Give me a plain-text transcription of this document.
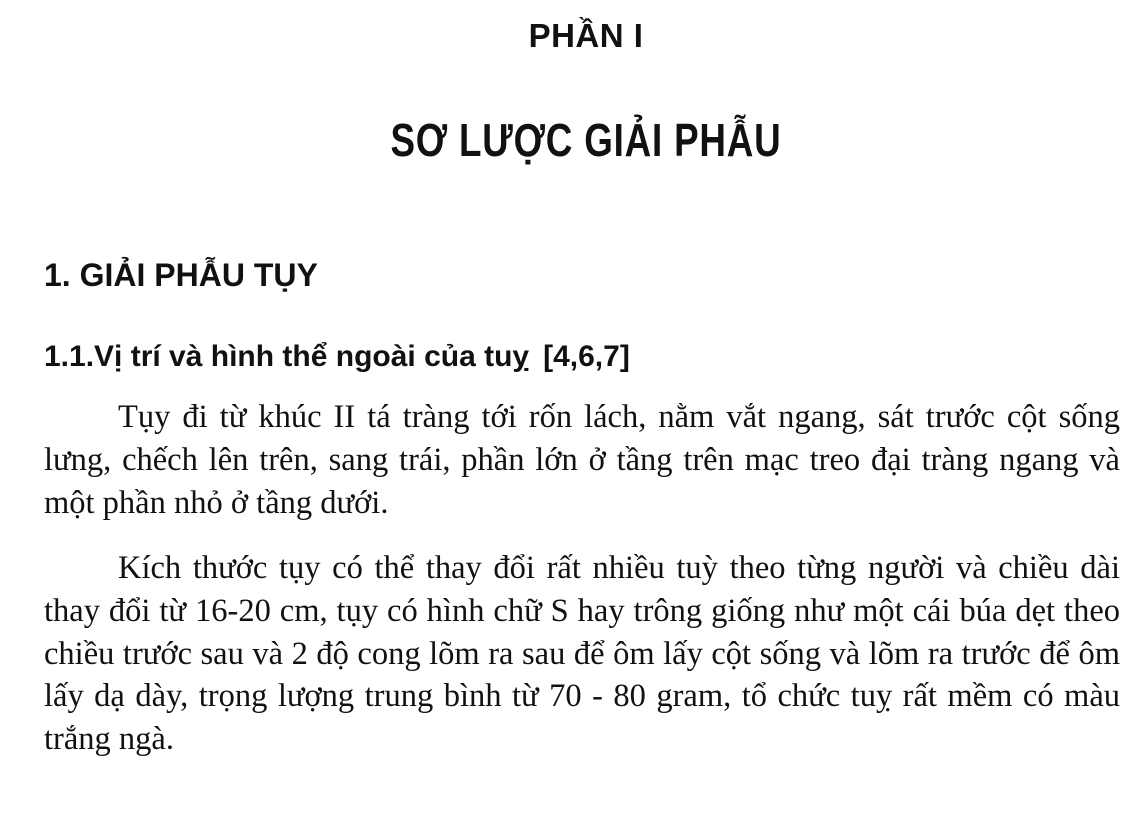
PHẦN I
SƠ LƯỢC GIẢI PHẪU
1. GIẢI PHẪU TỤY
1.1.Vị trí và hình thể ngoài của tuỵ [4,6,7]

Tụy đi từ khúc II tá tràng tới rốn lách, nằm vắt ngang, sát trước cột sống lưng, chếch lên trên, sang trái, phần lớn ở tầng trên mạc treo đại tràng ngang và một phần nhỏ ở tầng dưới.

Kích thước tụy có thể thay đổi rất nhiều tuỳ theo từng người và chiều dài thay đổi từ 16-20 cm, tụy có hình chữ S hay trông giống như một cái búa dẹt theo chiều trước sau và 2 độ cong lõm ra sau để ôm lấy cột sống và lõm ra trước để ôm lấy dạ dày, trọng lượng trung bình từ 70 - 80 gram, tổ chức tuỵ rất mềm có màu trắng ngà.
